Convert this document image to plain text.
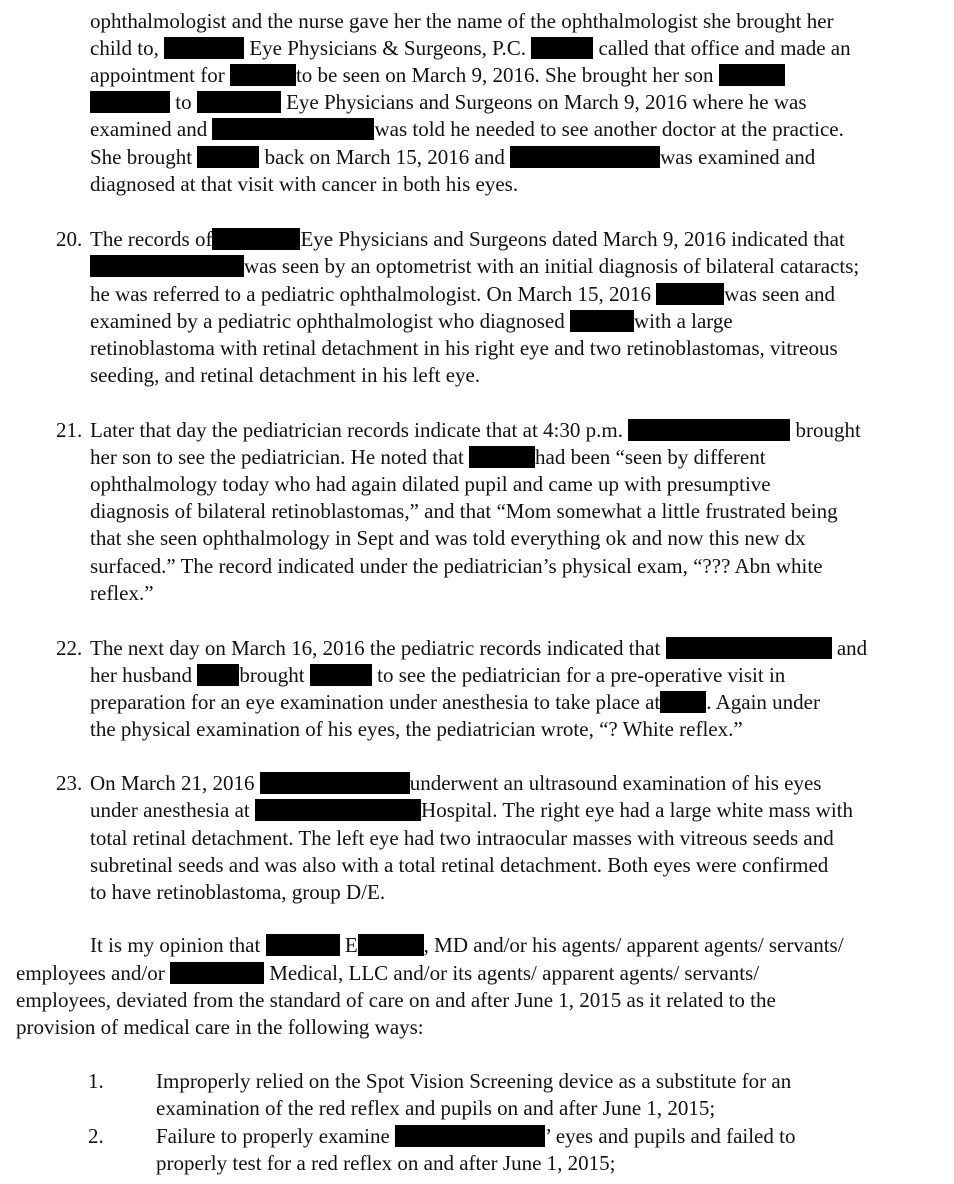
ophthalmologist and the nurse gave her the name of the ophthalmologist she brought her
child to,	Eye Physicians & Surgeons, P.C.	called that office and made an
appointment for	to be seen on March 9, 2016. She brought her son
to	Eye Physicians and Surgeons on March 9, 2016 where he was
examined and	was told he needed to see another doctor at the practice.
She brought	back on March 15, 2016 and	was examined and
diagnosed at that visit with cancer in both his eyes.
20. The records of	Eye Physicians and Surgeons dated March 9, 2016 indicated that
was seen by an optometrist with an initial diagnosis of bilateral cataracts;
he was referred to a pediatric ophthalmologist. On March 15, 2016	was seen and
examined by a pediatric ophthalmologist who diagnosed	with a large
retinoblastoma with retinal detachment in his right eye and two retinoblastomas, vitreous
seeding, and retinal detachment in his left eye.
21. Later that day the pediatrician records indicate that at 4:30 p.m.	brought
her son to see the pediatrician. He noted that	had been “seen by different
ophthalmology today who had again dilated pupil and came up with presumptive
diagnosis of bilateral retinoblastomas,” and that “Mom somewhat a little frustrated being
that she seen ophthalmology in Sept and was told everything ok and now this new dx
surfaced.” The record indicated under the pediatrician’s physical exam, “??? Abn white
reflex.”
22. The next day on March 16, 2016 the pediatric records indicated that	and
her husband brought	to see the pediatrician for a pre-operative visit in
preparation for an eye examination under anesthesia to take place at . Again under
the physical examination of his eyes, the pediatrician wrote, “? White reflex.”
23. On March 21, 2016	underwent an ultrasound examination of his eyes
under anesthesia at	Hospital. The right eye had a large white mass with
total retinal detachment. The left eye had two intraocular masses with vitreous seeds and
subretinal seeds and was also with a total retinal detachment. Both eyes were confirmed
to have retinoblastoma, group D/E.
It is my opinion that	E	, MD and/or his agents/ apparent agents/ servants/
employees and/or	Medical, LLC and/or its agents/ apparent agents/ servants/
employees, deviated from the standard of care on and after June 1, 2015 as it related to the
provision of medical care in the following ways:
1. Improperly relied on the Spot Vision Screening device as a substitute for an
examination of the red reflex and pupils on and after June 1, 2015;
2. Failure to properly examine	’ eyes and pupils and failed to
properly test for a red reflex on and after June 1, 2015;
